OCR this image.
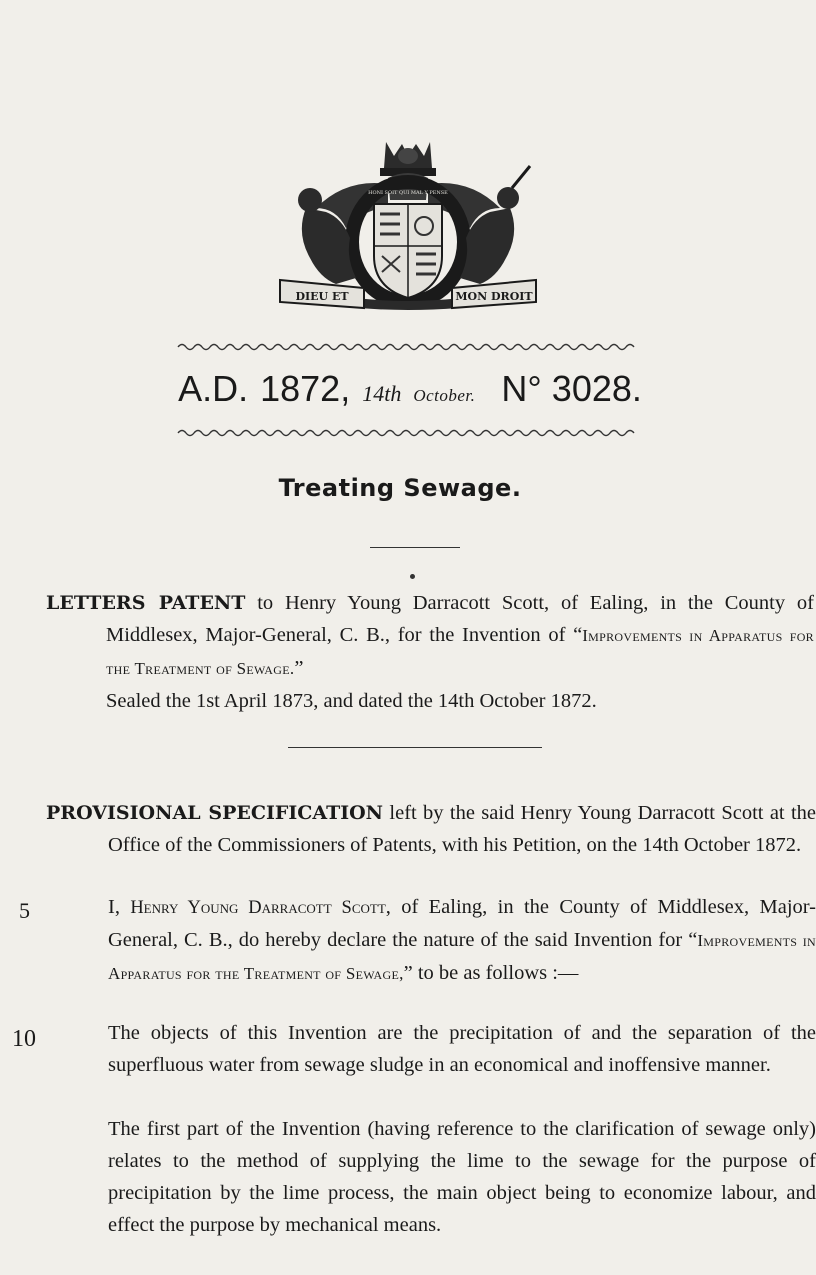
DIEU ET	MON DROIT
HONI SOIT QUI MAL Y PENSE
A.D. 1872, 14th October. N° 3028.
Treating Sewage.
LETTERS PATENT to Henry Young Darracott Scott, of Ealing, in the County of Middlesex, Major-General, C. B., for the Invention of “Improvements in Apparatus for the Treatment of Sewage.”
Sealed the 1st April 1873, and dated the 14th October 1872.
PROVISIONAL SPECIFICATION left by the said Henry Young Darracott Scott at the Office of the Commissioners of Patents, with his Petition, on the 14th October 1872.
I, Henry Young Darracott Scott, of Ealing, in the County of Middlesex, Major-General, C. B., do hereby declare the nature of the said Invention for “Improvements in Apparatus for the Treatment of Sewage,” to be as follows :—
The objects of this Invention are the precipitation of and the separation of the superfluous water from sewage sludge in an economical and inoffensive manner.
The first part of the Invention (having reference to the clarification of sewage only) relates to the method of supplying the lime to the sewage for the purpose of precipitation by the lime process, the main object being to economize labour, and effect the purpose by mechanical means.
5
10
